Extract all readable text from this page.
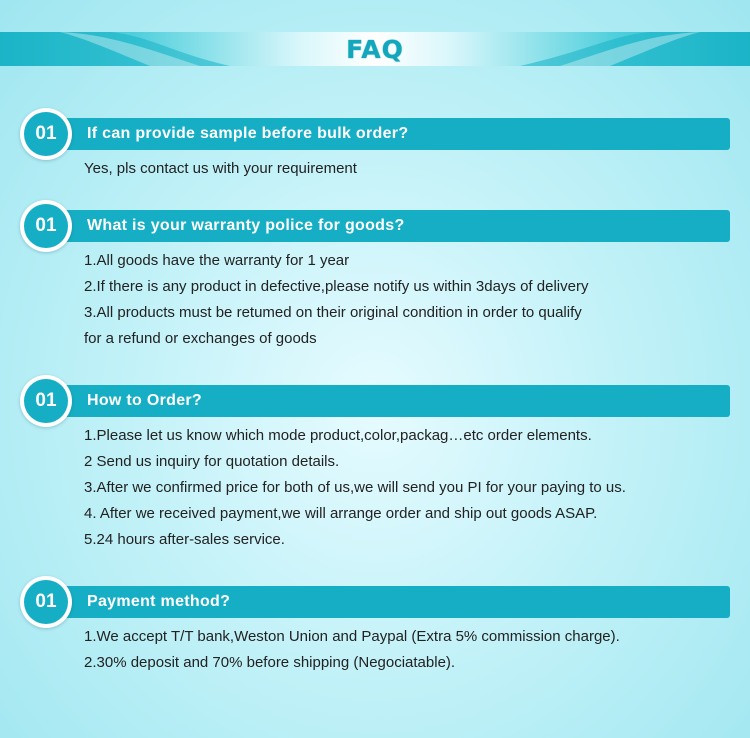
FAQ
If can provide sample before bulk order?
01
Yes, pls contact us with your requirement
What is your warranty police for goods?
01
1.All goods have the warranty for 1 year
2.If there is any product in defective,please notify us within 3days of delivery
3.All products must be retumed on their original condition in order to qualify
for a refund or exchanges of goods
How to Order?
01
1.Please let us know which mode product,color,packag…etc order elements.
2 Send us inquiry for quotation details.
3.After we confirmed price for both of us,we will send you PI for your paying to us.
4. After we received payment,we will arrange order and ship out goods ASAP.
5.24 hours after-sales service.
Payment method?
01
1.We accept T/T bank,Weston Union and Paypal (Extra 5% commission charge).
2.30% deposit and 70% before shipping (Negociatable).
